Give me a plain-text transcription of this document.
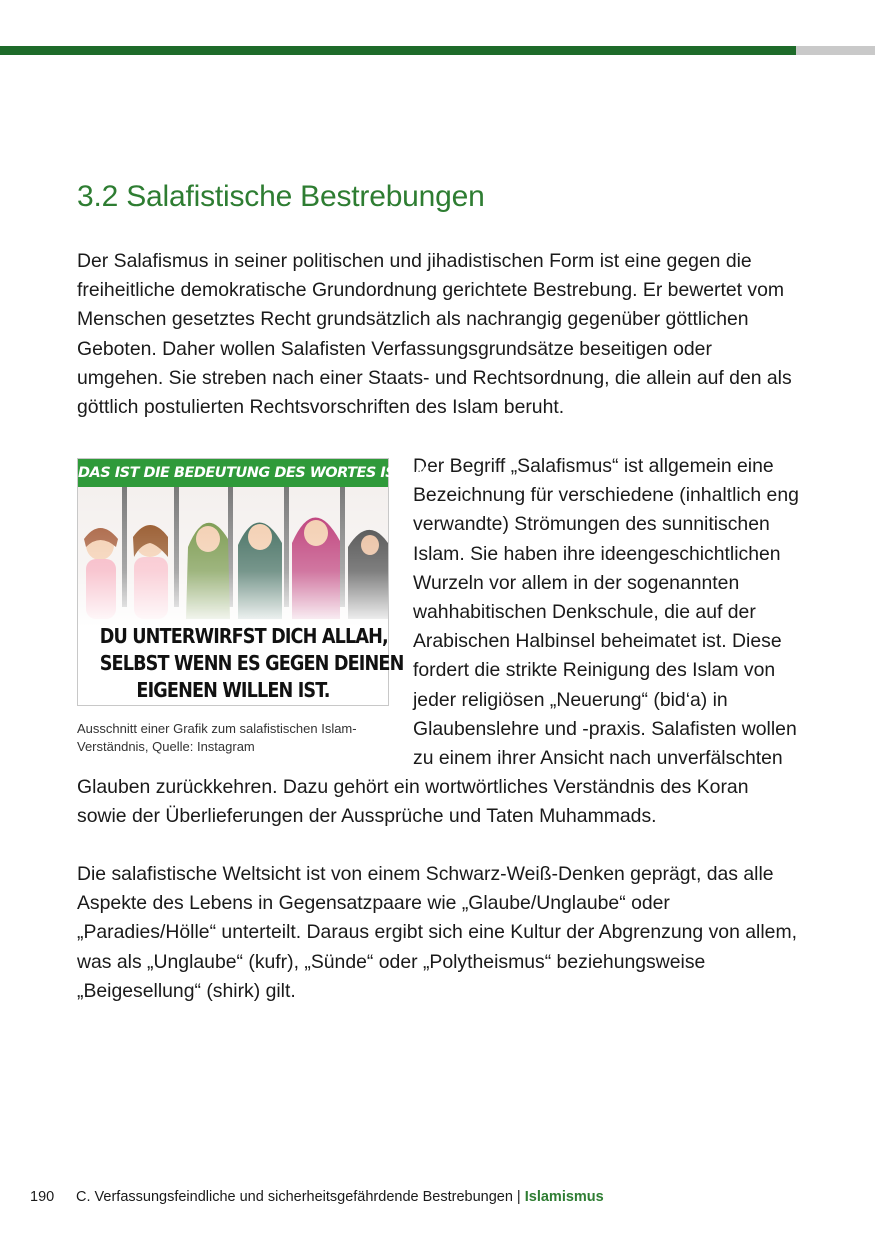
3.2 Salafistische Bestrebungen

Der Salafismus in seiner politischen und jihadistischen Form ist eine gegen die freiheitliche demokratische Grundordnung gerichtete Bestrebung. Er bewertet vom Menschen gesetztes Recht grundsätzlich als nachrangig gegenüber göttlichen Geboten. Daher wollen Salafisten Verfassungsgrundsätze beseitigen oder umgehen. Sie streben nach einer Staats- und Rechtsordnung, die allein auf den als göttlich postulierten Rechtsvorschriften des Islam beruht.

DAS IST DIE BEDEUTUNG DES WORTES ISLAM
DU UNTERWIRFST DICH ALLAH,
SELBST WENN ES GEGEN DEINEN
EIGENEN WILLEN IST.
Ausschnitt einer Grafik zum salafistischen Islam-Verständnis, Quelle: Instagram

Der Begriff „Salafismus“ ist allgemein eine Bezeichnung für verschiedene (inhaltlich eng verwandte) Strömungen des sunnitischen Islam. Sie haben ihre ideengeschichtlichen Wurzeln vor allem in der sogenannten wahhabitischen Denkschule, die auf der Arabischen Halbinsel beheimatet ist. Diese fordert die strikte Reinigung des Islam von jeder religiösen „Neuerung“ (bid‘a) in Glaubenslehre und -praxis. Salafisten wollen zu einem ihrer Ansicht nach unverfälschten Glauben zurückkehren. Dazu gehört ein wortwörtliches Verständnis des Koran sowie der Überlieferungen der Aussprüche und Taten Muhammads.

Die salafistische Weltsicht ist von einem Schwarz-Weiß-Denken geprägt, das alle Aspekte des Lebens in Gegensatzpaare wie „Glaube/Unglaube“ oder „Paradies/Hölle“ unterteilt. Daraus ergibt sich eine Kultur der Abgrenzung von allem, was als „Unglaube“ (kufr), „Sünde“ oder „Polytheismus“ beziehungsweise „Beigesellung“ (shirk) gilt.

190 C. Verfassungsfeindliche und sicherheitsgefährdende Bestrebungen | Islamismus
